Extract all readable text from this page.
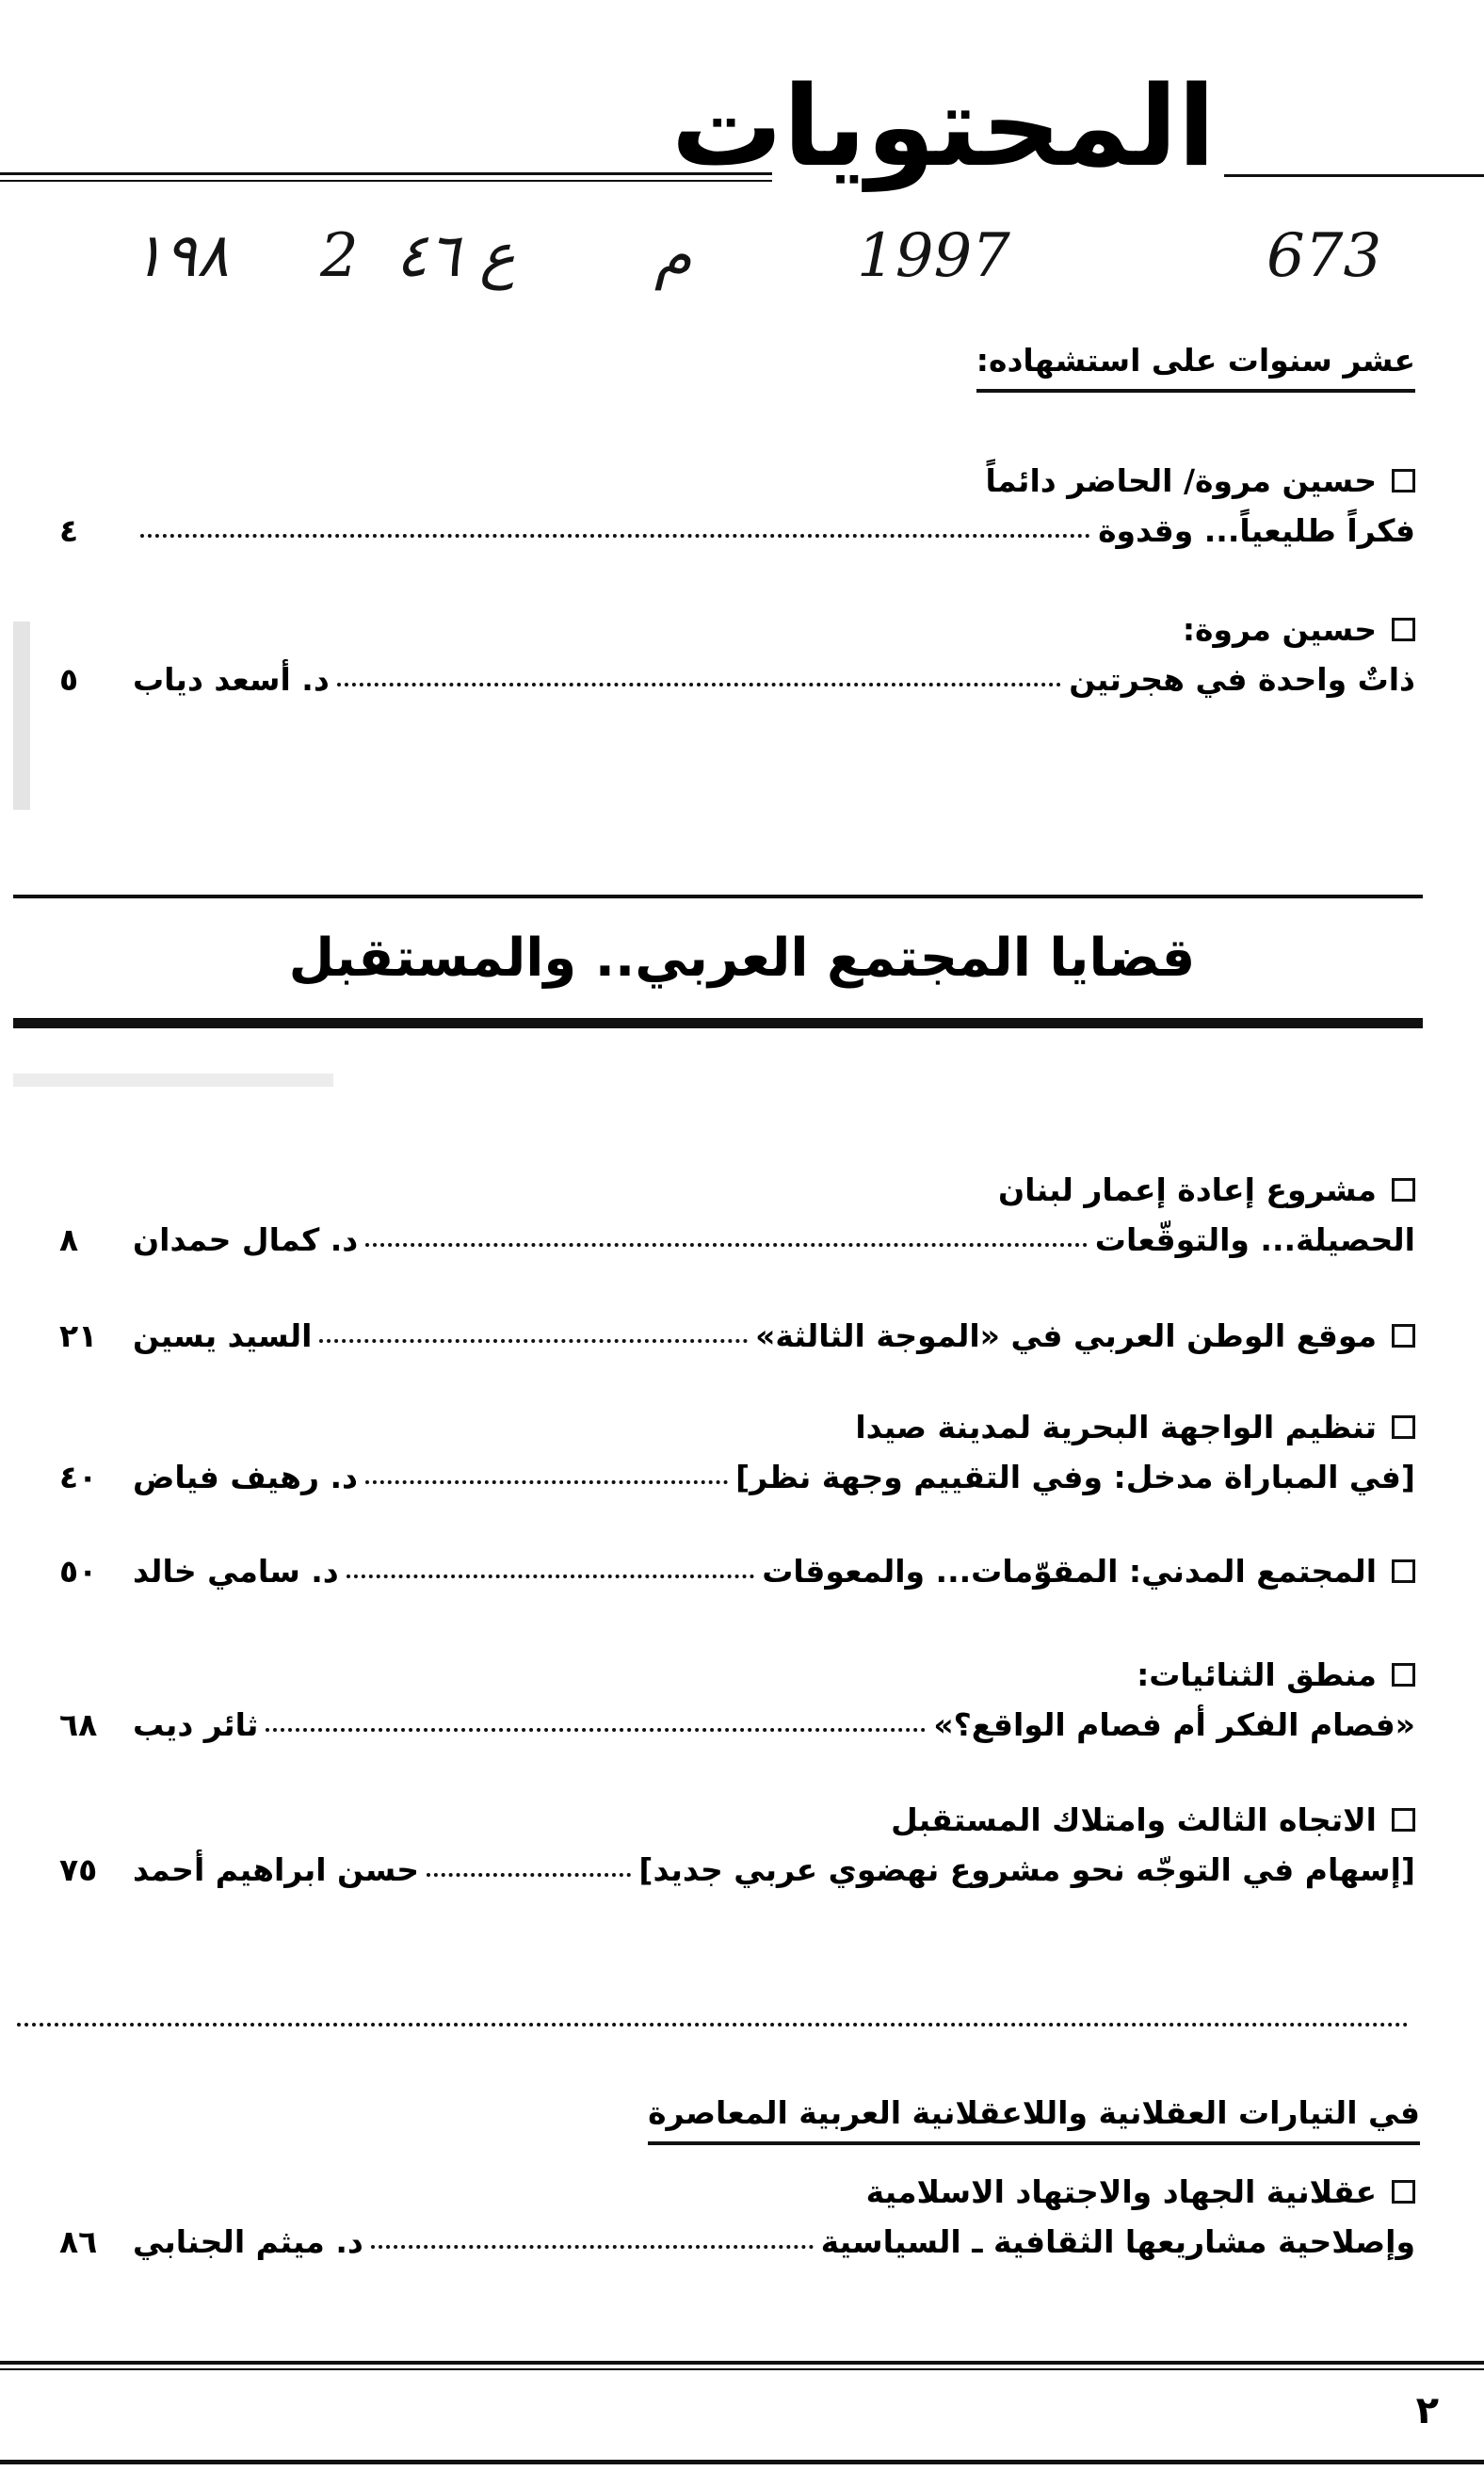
المحتويات
673
1997
م
ع ٤٦
2
١٩٨
عشر سنوات على استشهاده:
حسين مروة/ الحاضر دائماً
فكراً طليعياً... وقدوة
٤
حسين مروة:
ذاتٌ واحدة في هجرتين
د. أسعد دياب
٥
قضايا المجتمع العربي.. والمستقبل
مشروع إعادة إعمار لبنان
الحصيلة... والتوقّعات
د. كمال حمدان
٨
موقع الوطن العربي في «الموجة الثالثة»
السيد يسين
٢١
تنظيم الواجهة البحرية لمدينة صيدا
[في المباراة مدخل: وفي التقييم وجهة نظر]
د. رهيف فياض
٤٠
المجتمع المدني: المقوّمات... والمعوقات
د. سامي خالد
٥٠
منطق الثنائيات:
«فصام الفكر أم فصام الواقع؟»
ثائر ديب
٦٨
الاتجاه الثالث وامتلاك المستقبل
[إسهام في التوجّه نحو مشروع نهضوي عربي جديد]
حسن ابراهيم أحمد
٧٥
في التيارات العقلانية واللاعقلانية العربية المعاصرة
عقلانية الجهاد والاجتهاد الاسلامية
وإصلاحية مشاريعها الثقافية ـ السياسية
د. ميثم الجنابي
٨٦
٢
